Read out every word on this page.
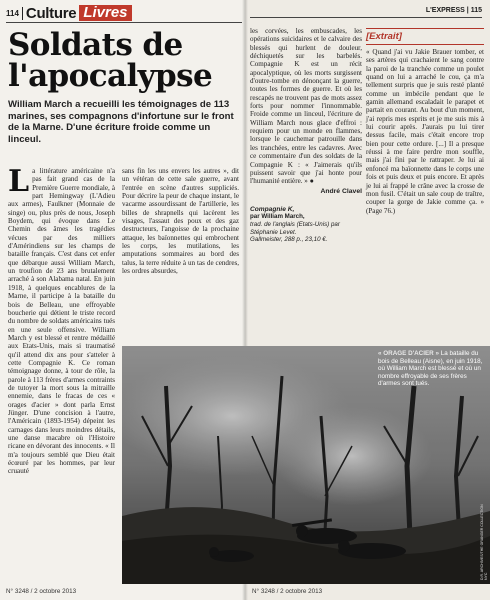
114 Culture Livres	L'EXPRESS | 115
Soldats de l'apocalypse
William March a recueilli les témoignages de 113 marines, ses compagnons d'infortune sur le front de la Marne. D'une écriture froide comme un linceul.

La littérature américaine n'a pas fait grand cas de la Première Guerre mondiale, à part Hemingway (L'Adieu aux armes), Faulkner (Monnaie de singe) ou, plus près de nous, Joseph Boydem, qui évoque dans Le Chemin des âmes les tragédies vécues par des milliers d'Amérindiens sur les champs de bataille français. C'est dans cet enfer que débarque aussi William March, un troufion de 23 ans brutalement arraché à son Alabama natal. En juin 1918, à quelques encablures de la Marne, il participe à la bataille du bois de Belleau, une effroyable boucherie qui détient le triste record du nombre de soldats américains tués en une seule offensive. William March y est blessé et rentre médaillé aux Etats-Unis, mais si traumatisé qu'il attend dix ans pour s'atteler à cette Compagnie K. Ce roman témoignage donne, à tour de rôle, la parole à 113 frères d'armes contraints de tutoyer la mort sous la mitraille ennemie, dans le fracas de ces « orages d'acier » dont parla Ernst Jünger. D'une concision à l'autre, l'Américain (1893-1954) dépeint les carnages dans leurs moindres détails, une danse macabre où l'Histoire ricane en dévorant des innocents. « Il m'a toujours semblé que Dieu était écœuré par les hommes, par leur cruauté

sans fin les uns envers les autres », dit un vétéran de cette sale guerre, avant l'entrée en scène d'autres suppliciés. Pour décrire la peur de chaque instant, le vacarme assourdissant de l'artillerie, les billes de shrapnells qui lacèrent les visages, l'assaut des poux et des gaz destructeurs, l'angoisse de la prochaine attaque, les baïonnettes qui embrochent les corps, les mutilations, les amputations sommaires au bord des talus, la terre réduite à un tas de cendres, les ordres absurdes,

les corvées, les embuscades, les opérations suicidaires et le calvaire des blessés qui hurlent de douleur, déchiquetés sur les barbelés. Compagnie K est un récit apocalyptique, où les morts surgissent d'outre-tombe en dénonçant la guerre, toutes les formes de guerre. Et où les rescapés ne trouvent pas de mots assez forts pour nommer l'innommable. Froide comme un linceul, l'écriture de William March nous glace d'effroi : requiem pour un monde en flammes, lorsque le cauchemar patrouille dans les tranchées, entre les cadavres. Avec ce commentaire d'un des soldats de la Compagnie K : « J'aimerais qu'ils puissent savoir que j'ai honte pour l'humanité entière. » ●

André Clavel
Compagnie K,
par William March,
trad. de l'anglais (Etats-Unis) par Stéphanie Levet.
Gallmeister, 288 p., 23,10 €.
[Extrait]
« Quand j'ai vu Jakie Brauer tomber, et ses artères qui crachaient le sang contre la paroi de la tranchée comme un poulet quand on lui a arraché le cou, ça m'a tellement surpris que je suis resté planté comme un imbécile pendant que le gamin allemand escaladait le parapet et partait en courant. Au bout d'un moment, j'ai repris mes esprits et je me suis mis à lui courir après. J'aurais pu lui tirer dessus facile, mais c'était encore trop bien pour cette ordure. [...] Il a presque réussi à me faire perdre mon souffle, mais j'ai fini par le rattraper. Je lui ai enfoncé ma baïonnette dans le corps une fois et puis deux et puis encore. Et après je lui ai frappé le crâne avec la crosse de mon fusil. C'était un sale coup de traître, couper la gorge de Jakie comme ça. » (Page 76.)
« ORAGE D'ACIER » La bataille du bois de Belleau (Aisne), en juin 1918, où William March est blessé et où un nombre effroyable de ses frères d'armes sont tués.
D.R. ARCHIVES/THE GRANGER COLLECTION NYC
N° 3248 / 2 octobre 2013	N° 3248 / 2 octobre 2013
